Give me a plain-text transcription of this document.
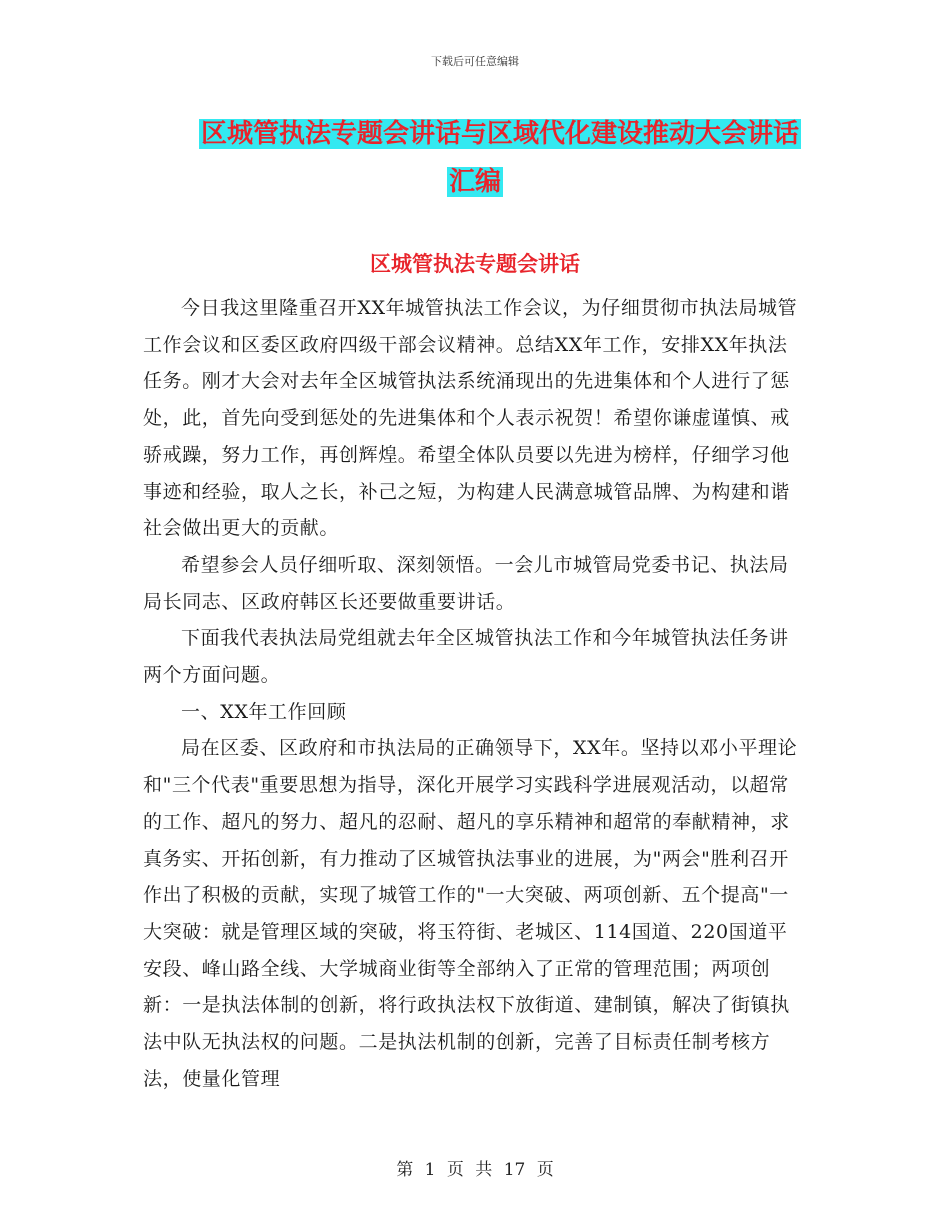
下载后可任意编辑
区城管执法专题会讲话与区域代化建设推动大会讲话
汇编
区城管执法专题会讲话

今日我这里隆重召开XX年城管执法工作会议，为仔细贯彻市执法局城管工作会议和区委区政府四级干部会议精神。总结XX年工作，安排XX年执法任务。刚才大会对去年全区城管执法系统涌现出的先进集体和个人进行了惩处，此，首先向受到惩处的先进集体和个人表示祝贺！希望你谦虚谨慎、戒骄戒躁，努力工作，再创辉煌。希望全体队员要以先进为榜样，仔细学习他事迹和经验，取人之长，补己之短，为构建人民满意城管品牌、为构建和谐社会做出更大的贡献。

希望参会人员仔细听取、深刻领悟。一会儿市城管局党委书记、执法局局长同志、区政府韩区长还要做重要讲话。

下面我代表执法局党组就去年全区城管执法工作和今年城管执法任务讲两个方面问题。

一、XX年工作回顾

局在区委、区政府和市执法局的正确领导下，XX年。坚持以邓小平理论和"三个代表"重要思想为指导，深化开展学习实践科学进展观活动，以超常的工作、超凡的努力、超凡的忍耐、超凡的享乐精神和超常的奉献精神，求真务实、开拓创新，有力推动了区城管执法事业的进展，为"两会"胜利召开作出了积极的贡献，实现了城管工作的"一大突破、两项创新、五个提高"一大突破：就是管理区域的突破，将玉符街、老城区、114国道、220国道平安段、峰山路全线、大学城商业街等全部纳入了正常的管理范围；两项创新：一是执法体制的创新，将行政执法权下放街道、建制镇，解决了街镇执法中队无执法权的问题。二是执法机制的创新，完善了目标责任制考核方法，使量化管理

第 1 页 共 17 页
